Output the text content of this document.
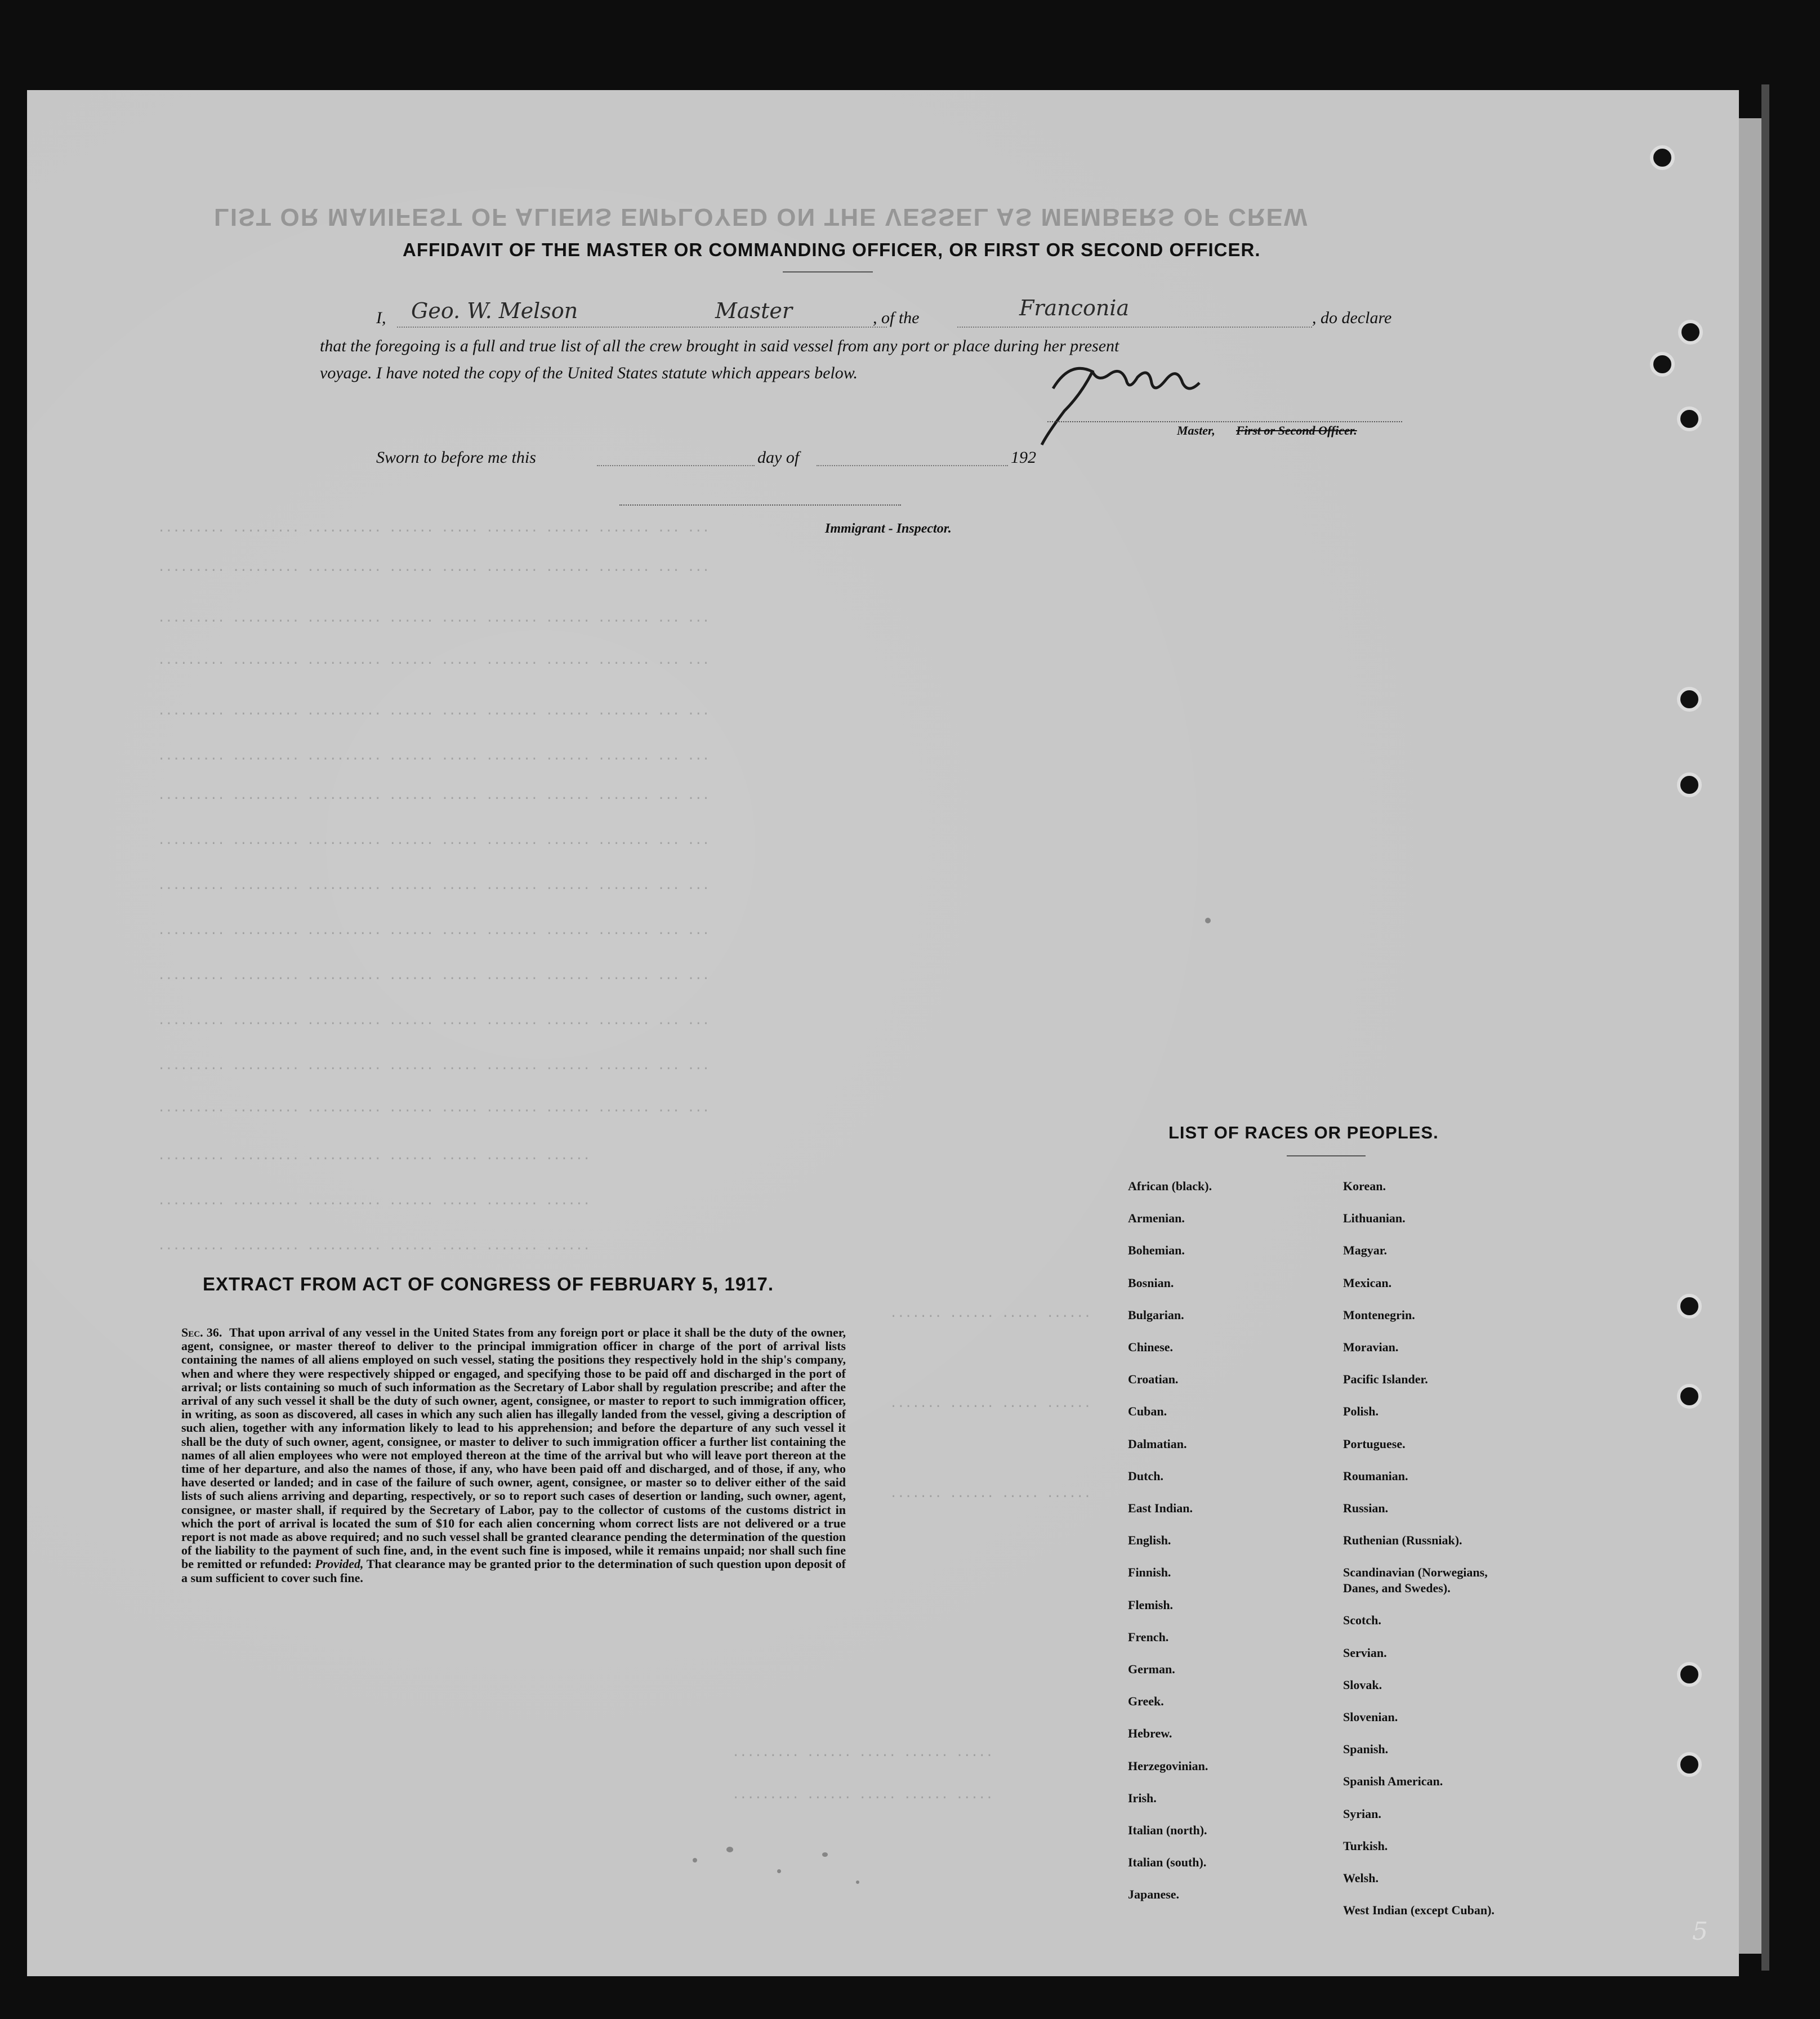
LIST OR MANIFEST OF ALIENS EMPLOYED ON THE VESSEL AS MEMBERS OF CREW
......... ......... .......... ...... ..... ....... ...... ....... ... ...
......... ......... .......... ...... ..... ....... ...... ....... ... ...
......... ......... .......... ...... ..... ....... ...... ....... ... ...
......... ......... .......... ...... ..... ....... ...... ....... ... ...
......... ......... .......... ...... ..... ....... ...... ....... ... ...
......... ......... .......... ...... ..... ....... ...... ....... ... ...
......... ......... .......... ...... ..... ....... ...... ....... ... ...
......... ......... .......... ...... ..... ....... ...... ....... ... ...
......... ......... .......... ...... ..... ....... ...... ....... ... ...
......... ......... .......... ...... ..... ....... ...... ....... ... ...
......... ......... .......... ...... ..... ....... ...... ....... ... ...
......... ......... .......... ...... ..... ....... ...... ....... ... ...
......... ......... .......... ...... ..... ....... ...... ....... ... ...
......... ......... .......... ...... ..... ....... ...... ....... ... ...
......... ......... .......... ...... ..... ....... ......
......... ......... .......... ...... ..... ....... ......
......... ......... .......... ...... ..... ....... ......
....... ...... ..... ......
....... ...... ..... ......
....... ...... ..... ......
......... ...... ..... ...... .....
......... ...... ..... ...... .....
AFFIDAVIT OF THE MASTER OR COMMANDING OFFICER, OR FIRST OR SECOND OFFICER.
I, Geo. W. Melson	Master	, of the	Franconia	, do declare
that the foregoing is a full and true list of all the crew brought in said vessel from any port or place during her present
voyage. I have noted the copy of the United States statute which appears below.
Master, First or Second Officer.
Sworn to before me this	day of	192
Immigrant - Inspector.
EXTRACT FROM ACT OF CONGRESS OF FEBRUARY 5, 1917.
Sec. 36. That upon arrival of any vessel in the United States from any foreign port or place it shall be the duty of the owner, agent, consignee, or master thereof to deliver to the principal immigration officer in charge of the port of arrival lists containing the names of all aliens employed on such vessel, stating the positions they respectively hold in the ship's company, when and where they were respectively shipped or engaged, and specifying those to be paid off and discharged in the port of arrival; or lists containing so much of such information as the Secretary of Labor shall by regulation prescribe; and after the arrival of any such vessel it shall be the duty of such owner, agent, consignee, or master to report to such immigration officer, in writing, as soon as discovered, all cases in which any such alien has illegally landed from the vessel, giving a description of such alien, together with any information likely to lead to his apprehension; and before the departure of any such vessel it shall be the duty of such owner, agent, consignee, or master to deliver to such immigration officer a further list containing the names of all alien employees who were not employed thereon at the time of the arrival but who will leave port thereon at the time of her departure, and also the names of those, if any, who have been paid off and discharged, and of those, if any, who have deserted or landed; and in case of the failure of such owner, agent, consignee, or master so to deliver either of the said lists of such aliens arriving and departing, respectively, or so to report such cases of desertion or landing, such owner, agent, consignee, or master shall, if required by the Secretary of Labor, pay to the collector of customs of the customs district in which the port of arrival is located the sum of $10 for each alien concerning whom correct lists are not delivered or a true report is not made as above required; and no such vessel shall be granted clearance pending the determination of the question of the liability to the payment of such fine, and, in the event such fine is imposed, while it remains unpaid; nor shall such fine be remitted or refunded: Provided, That clearance may be granted prior to the determination of such question upon deposit of a sum sufficient to cover such fine.
LIST OF RACES OR PEOPLES.
African (black).
Armenian.
Bohemian.
Bosnian.
Bulgarian.
Chinese.
Croatian.
Cuban.
Dalmatian.
Dutch.
East Indian.
English.
Finnish.
Flemish.
French.
German.
Greek.
Hebrew.
Herzegovinian.
Irish.
Italian (north).
Italian (south).
Japanese.
Korean.
Lithuanian.
Magyar.
Mexican.
Montenegrin.
Moravian.
Pacific Islander.
Polish.
Portuguese.
Roumanian.
Russian.
Ruthenian (Russniak).
Scandinavian (Norwegians,
Danes, and Swedes).
Scotch.
Servian.
Slovak.
Slovenian.
Spanish.
Spanish American.
Syrian.
Turkish.
Welsh.
West Indian (except Cuban).
5
